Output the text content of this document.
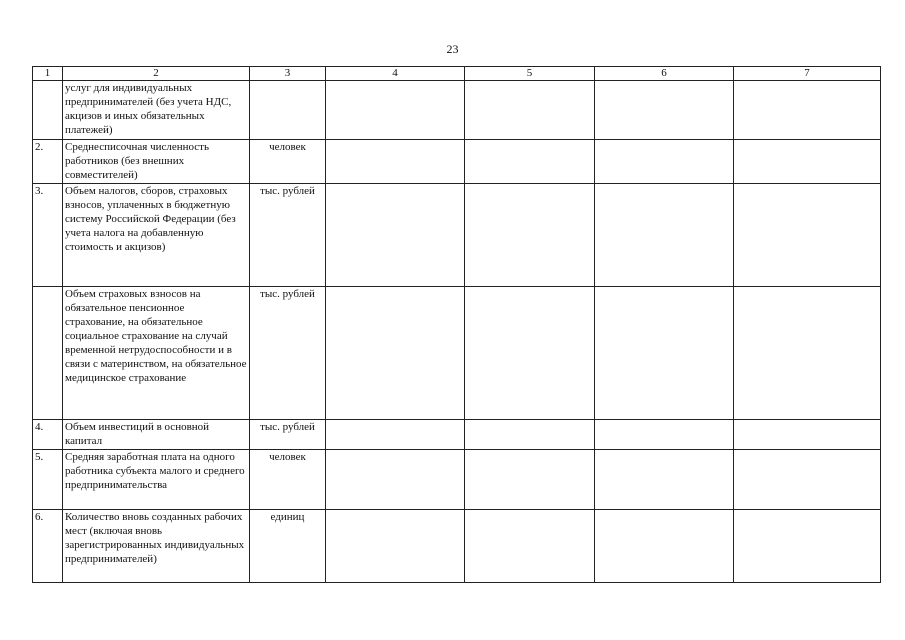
23
1	2	3	4	5	6	7
	услуг для индивидуальных предпринимателей (без учета НДС, акцизов и иных обязательных платежей)					
2.	Среднесписочная численность работников (без внешних совместителей)	человек				
3.	Объем налогов, сборов, страховых взносов, уплаченных в бюджетную систему Российской Федерации (без учета налога на добавленную стоимость и акцизов)	тыс. рублей				
	Объем страховых взносов на обязательное пенсионное страхование, на обязательное социальное страхование на случай временной нетрудоспособности и в связи с материнством, на обязательное медицинское страхование	тыс. рублей				
4.	Объем инвестиций в основной капитал	тыс. рублей				
5.	Средняя заработная плата на одного работника субъекта малого и среднего предпринимательства	человек				
6.	Количество вновь созданных рабочих мест (включая вновь зарегистрированных индивидуальных предпринимателей)	единиц				
